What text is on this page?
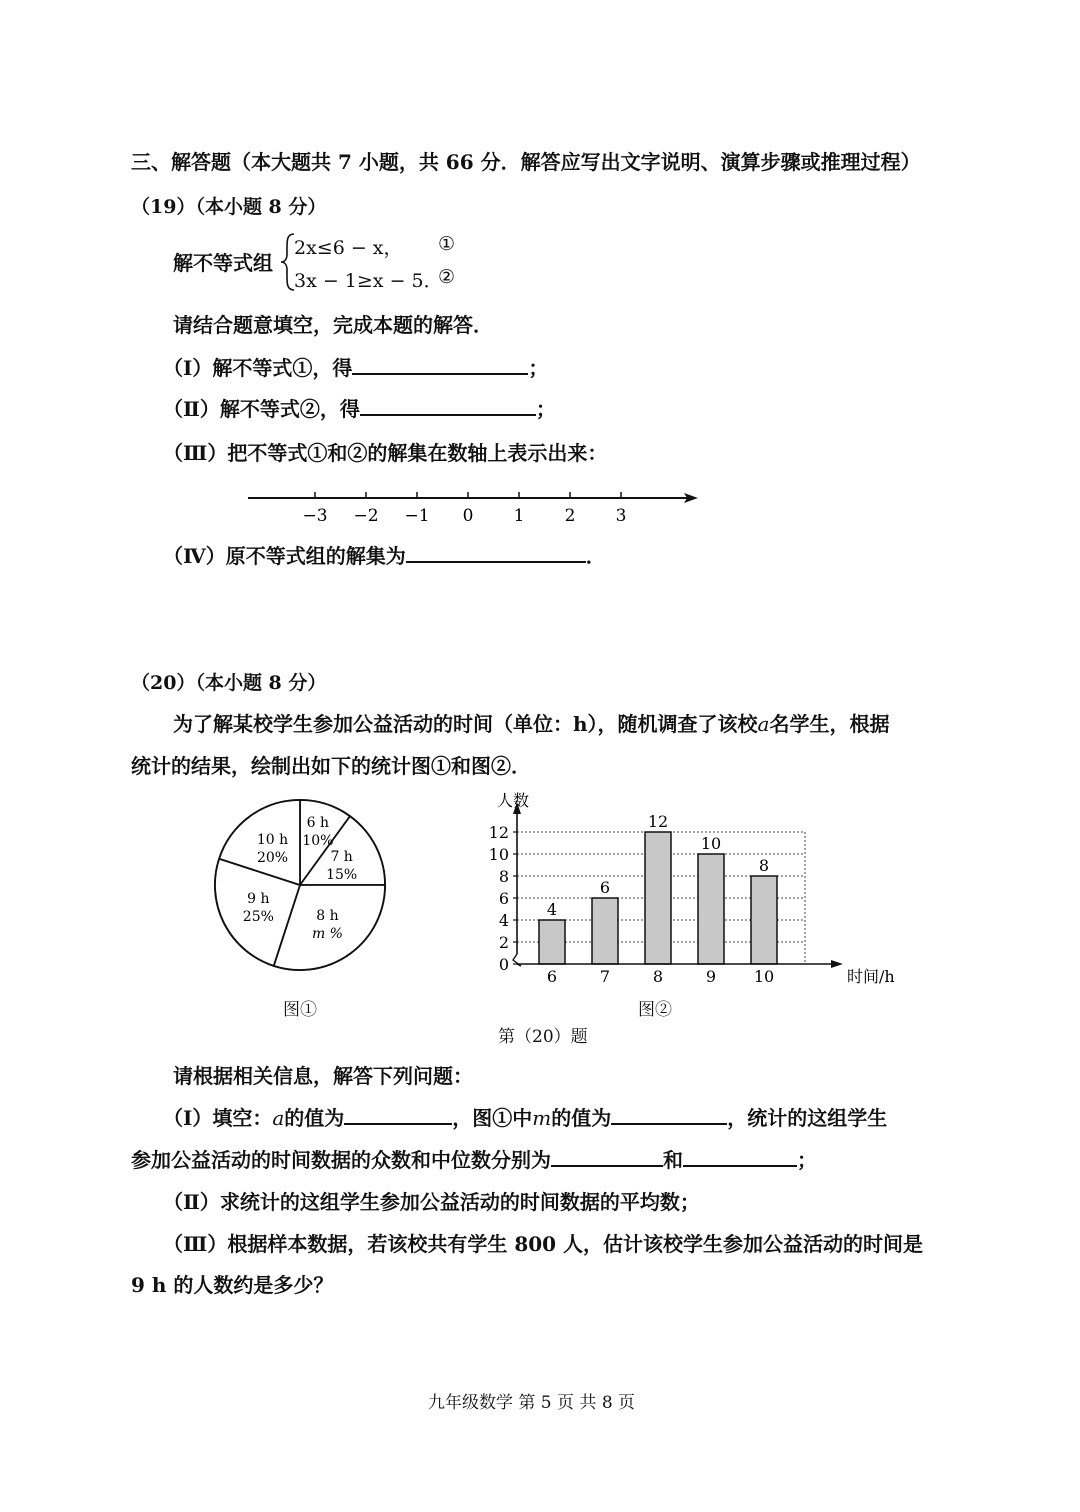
三、解答题（本大题共 7 小题，共 66 分．解答应写出文字说明、演算步骤或推理过程）
（19）（本小题 8 分）
解不等式组
2x≤6 − x， ①
3x − 1≥x − 5．
②
请结合题意填空，完成本题的解答．
（Ⅰ）解不等式①，得	；
（Ⅱ）解不等式②，得	；
（Ⅲ）把不等式①和②的解集在数轴上表示出来：
−3 −2 −1 0 1 2 3
（Ⅳ）原不等式组的解集为	．
（20）（本小题 8 分）
为了解某校学生参加公益活动的时间（单位：h），随机调查了该校a名学生，根据
统计的结果，绘制出如下的统计图①和图②．
6 h
10%
7 h
15%
8 h
m %
9 h
25%
10 h
20%
图①
4
6
12
10
8
0
2
4
6
8
10
12
6	7	8	9 10
人数
时间/h
图②
第（20）题
请根据相关信息，解答下列问题：
（Ⅰ）填空：a的值为	，图①中m的值为	，统计的这组学生
参加公益活动的时间数据的众数和中位数分别为	和	；
（Ⅱ）求统计的这组学生参加公益活动的时间数据的平均数；
（Ⅲ）根据样本数据，若该校共有学生 800 人，估计该校学生参加公益活动的时间是
9 h 的人数约是多少？
九年级数学 第 5 页 共 8 页
